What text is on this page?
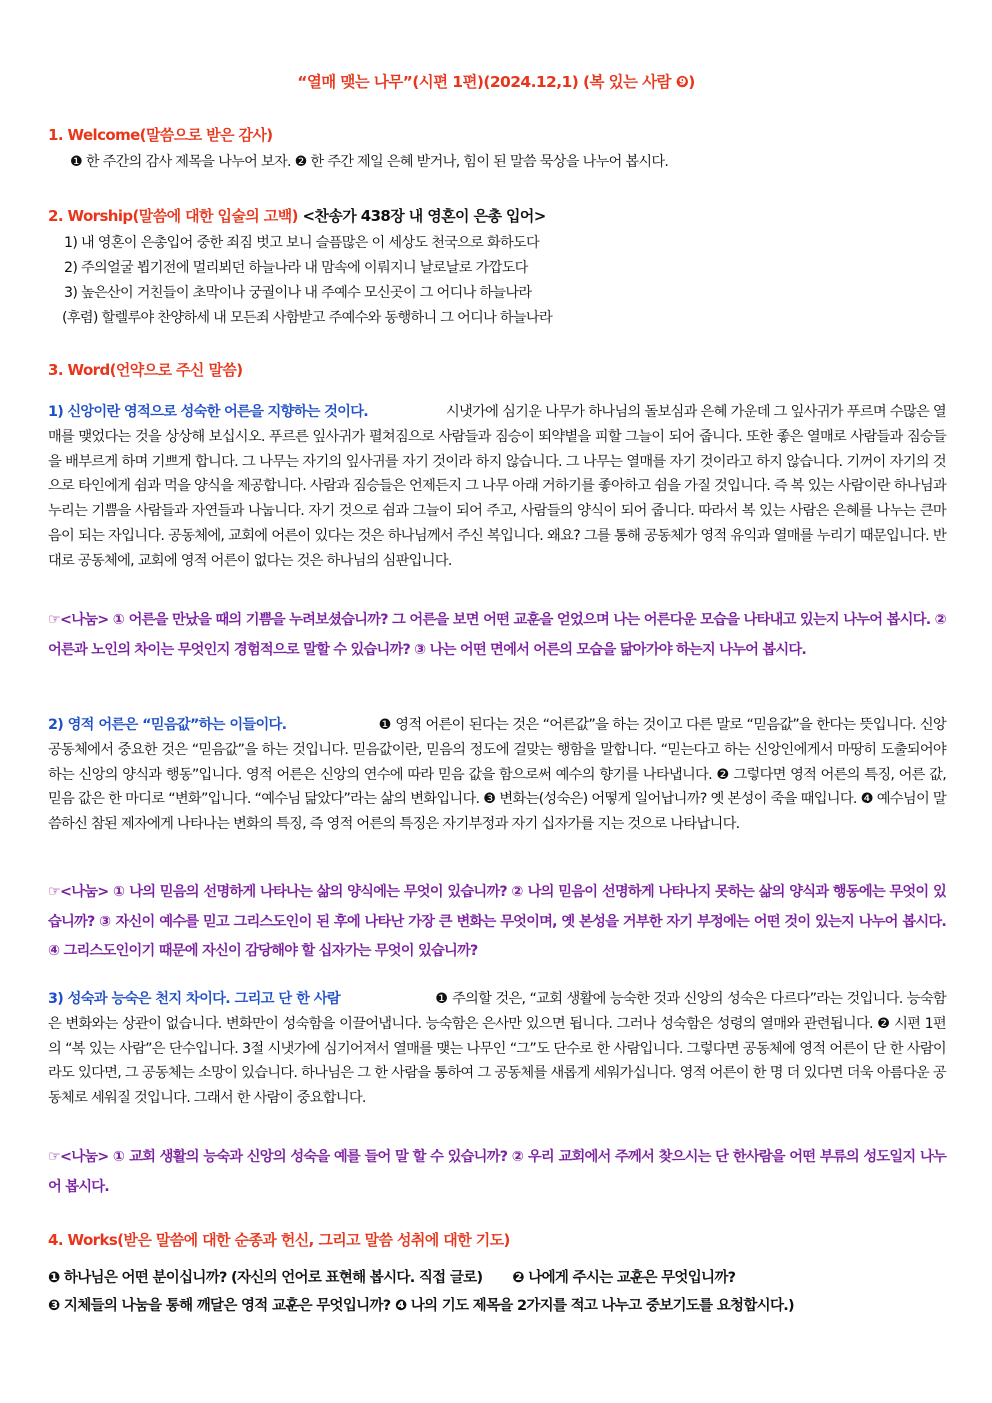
“열매 맺는 나무”(시편 1편)(2024.12,1) (복 있는 사람 ❾)
1. Welcome(말씀으로 받은 감사)
❶ 한 주간의 감사 제목을 나누어 보자. ❷ 한 주간 제일 은혜 받거나, 힘이 된 말씀 묵상을 나누어 봅시다.
2. Worship(말씀에 대한 입술의 고백) <찬송가 438장 내 영혼이 은총 입어>
1) 내 영혼이 은총입어 중한 죄짐 벗고 보니 슬픔많은 이 세상도 천국으로 화하도다
2) 주의얼굴 뵙기전에 멀리뵈던 하늘나라 내 맘속에 이뤄지니 날로날로 가깝도다
3) 높은산이 거친들이 초막이나 궁궐이나 내 주예수 모신곳이 그 어디나 하늘나라
(후렴) 할렐루야 찬양하세 내 모든죄 사함받고 주예수와 동행하니 그 어디나 하늘나라
3. Word(언약으로 주신 말씀)
1) 신앙이란 영적으로 성숙한 어른을 지향하는 것이다.	시냇가에 심기운 나무가 하나님의 돌보심과 은혜 가운데 그 잎사귀가 푸르며 수많은 열매를 맺었다는 것을 상상해 보십시오. 푸르른 잎사귀가 펼쳐짐으로 사람들과 짐승이 뙤약볕을 피할 그늘이 되어 줍니다. 또한 좋은 열매로 사람들과 짐승들을 배부르게 하며 기쁘게 합니다. 그 나무는 자기의 잎사귀를 자기 것이라 하지 않습니다. 그 나무는 열매를 자기 것이라고 하지 않습니다. 기꺼이 자기의 것으로 타인에게 쉼과 먹을 양식을 제공합니다. 사람과 짐승들은 언제든지 그 나무 아래 거하기를 좋아하고 쉼을 가질 것입니다. 즉 복 있는 사람이란 하나님과 누리는 기쁨을 사람들과 자연들과 나눕니다. 자기 것으로 쉼과 그늘이 되어 주고, 사람들의 양식이 되어 줍니다. 따라서 복 있는 사람은 은혜를 나누는 큰마음이 되는 자입니다. 공동체에, 교회에 어른이 있다는 것은 하나님께서 주신 복입니다. 왜요? 그를 통해 공동체가 영적 유익과 열매를 누리기 때문입니다. 반대로 공동체에, 교회에 영적 어른이 없다는 것은 하나님의 심판입니다.
☞<나눔> ① 어른을 만났을 때의 기쁨을 누려보셨습니까? 그 어른을 보면 어떤 교훈을 얻었으며 나는 어른다운 모습을 나타내고 있는지 나누어 봅시다. ② 어른과 노인의 차이는 무엇인지 경험적으로 말할 수 있습니까? ③ 나는 어떤 면에서 어른의 모습을 닮아가야 하는지 나누어 봅시다.
2) 영적 어른은 “믿음값”하는 이들이다.	❶ 영적 어른이 된다는 것은 “어른값”을 하는 것이고 다른 말로 “믿음값”을 한다는 뜻입니다. 신앙공동체에서 중요한 것은 “믿음값”을 하는 것입니다. 믿음값이란, 믿음의 정도에 걸맞는 행함을 말합니다. “믿는다고 하는 신앙인에게서 마땅히 도출되어야 하는 신앙의 양식과 행동”입니다. 영적 어른은 신앙의 연수에 따라 믿음 값을 함으로써 예수의 향기를 나타냅니다. ❷ 그렇다면 영적 어른의 특징, 어른 값, 믿음 값은 한 마디로 “변화”입니다. “예수님 닮았다”라는 삶의 변화입니다. ❸ 변화는(성숙은) 어떻게 일어납니까? 옛 본성이 죽을 때입니다. ❹ 예수님이 말씀하신 참된 제자에게 나타나는 변화의 특징, 즉 영적 어른의 특징은 자기부정과 자기 십자가를 지는 것으로 나타납니다.
☞<나눔> ① 나의 믿음의 선명하게 나타나는 삶의 양식에는 무엇이 있습니까? ② 나의 믿음이 선명하게 나타나지 못하는 삶의 양식과 행동에는 무엇이 있습니까? ③ 자신이 예수를 믿고 그리스도인이 된 후에 나타난 가장 큰 변화는 무엇이며, 옛 본성을 거부한 자기 부정에는 어떤 것이 있는지 나누어 봅시다. ④ 그리스도인이기 때문에 자신이 감당해야 할 십자가는 무엇이 있습니까?
3) 성숙과 능숙은 천지 차이다. 그리고 단 한 사람	❶ 주의할 것은, “교회 생활에 능숙한 것과 신앙의 성숙은 다르다”라는 것입니다. 능숙함은 변화와는 상관이 없습니다. 변화만이 성숙함을 이끌어냅니다. 능숙함은 은사만 있으면 됩니다. 그러나 성숙함은 성령의 열매와 관련됩니다. ❷ 시편 1편의 “복 있는 사람”은 단수입니다. 3절 시냇가에 심기어져서 열매를 맺는 나무인 “그”도 단수로 한 사람입니다. 그렇다면 공동체에 영적 어른이 단 한 사람이라도 있다면, 그 공동체는 소망이 있습니다. 하나님은 그 한 사람을 통하여 그 공동체를 새롭게 세워가십니다. 영적 어른이 한 명 더 있다면 더욱 아름다운 공동체로 세워질 것입니다. 그래서 한 사람이 중요합니다.
☞<나눔> ① 교회 생활의 능숙과 신앙의 성숙을 예를 들어 말 할 수 있습니까? ② 우리 교회에서 주께서 찾으시는 단 한사람을 어떤 부류의 성도일지 나누어 봅시다.
4. Works(받은 말씀에 대한 순종과 헌신, 그리고 말씀 성취에 대한 기도)
❶ 하나님은 어떤 분이십니까? (자신의 언어로 표현해 봅시다. 직접 글로) ❷ 나에게 주시는 교훈은 무엇입니까?
❸ 지체들의 나눔을 통해 깨달은 영적 교훈은 무엇입니까? ❹ 나의 기도 제목을 2가지를 적고 나누고 중보기도를 요청합시다.)
